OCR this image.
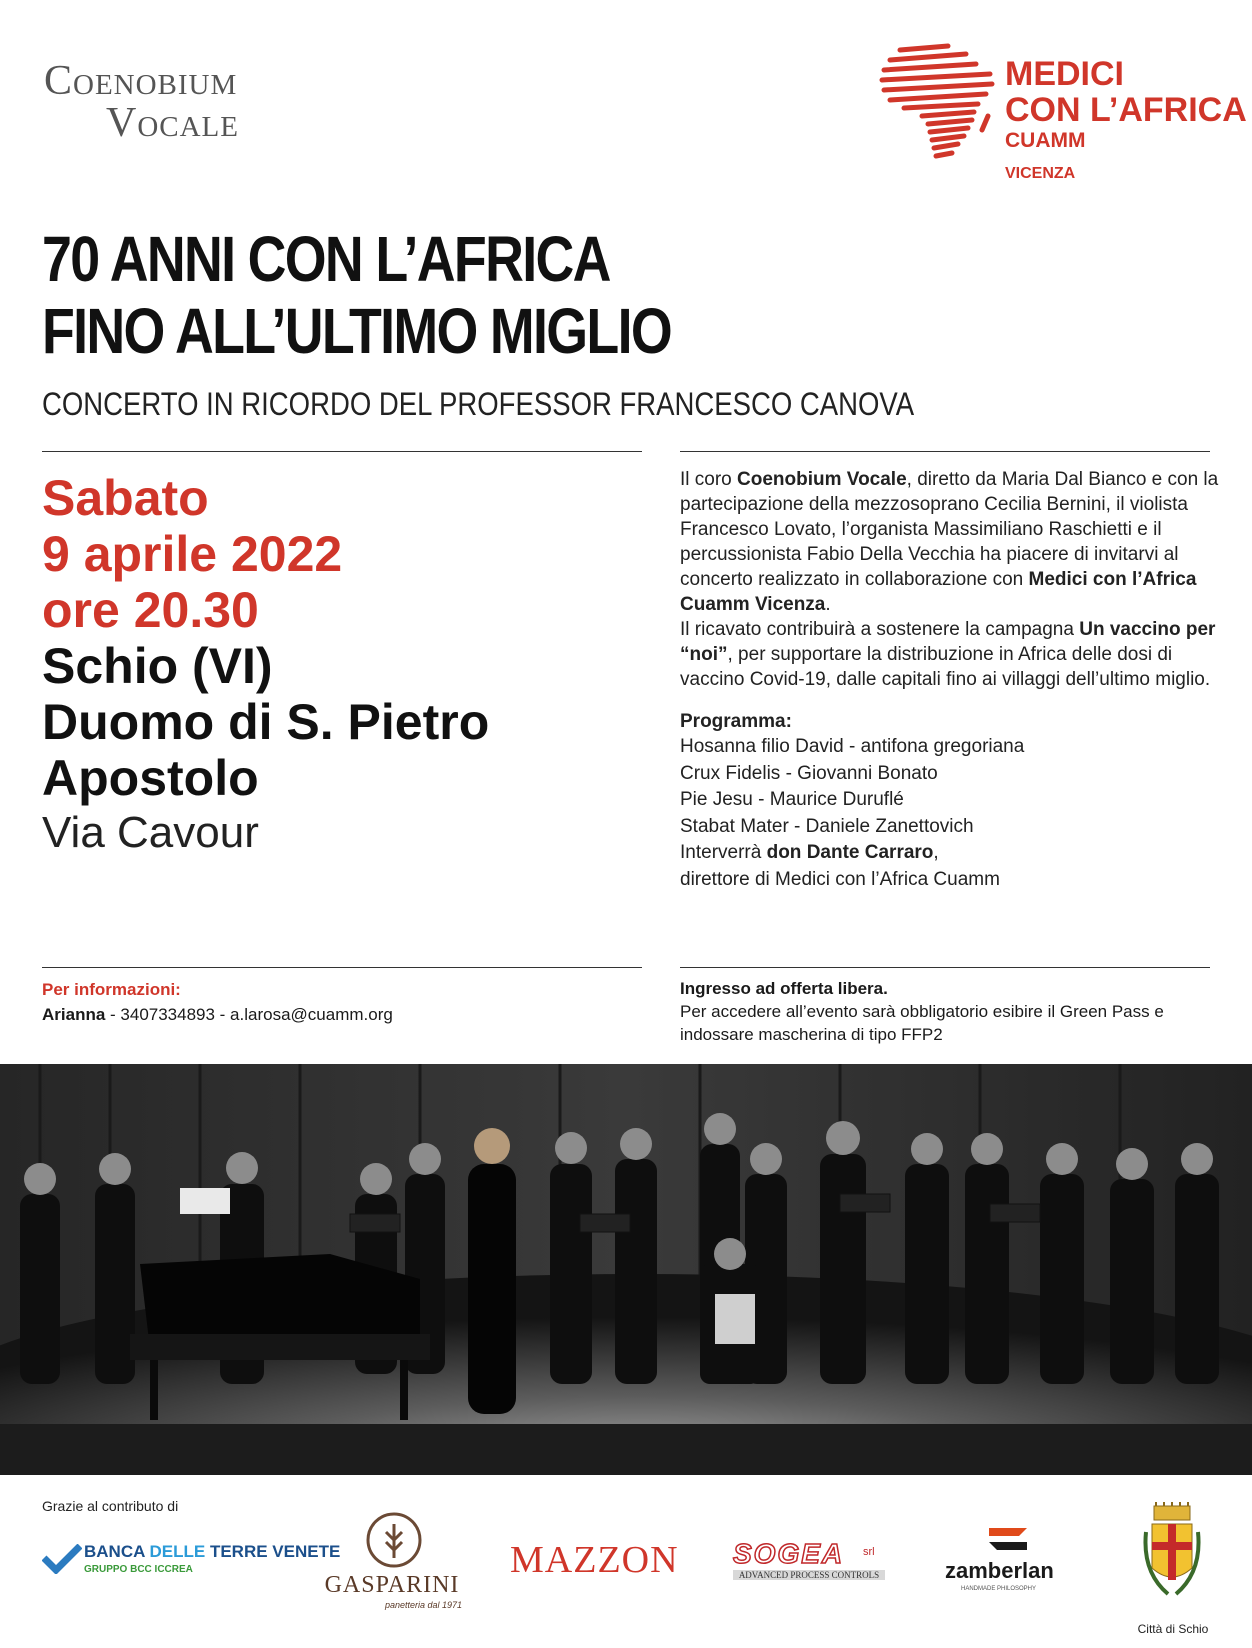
Coenobium
Vocale
MEDICI
CON L’AFRICA
CUAMM
VICENZA
70 ANNI CON L’AFRICA
FINO ALL’ULTIMO MIGLIO
CONCERTO IN RICORDO DEL PROFESSOR FRANCESCO CANOVA
Sabato
9 aprile 2022
ore 20.30
Schio (VI)
Duomo di S. Pietro
Apostolo
Via Cavour

Il coro Coenobium Vocale, diretto da Maria Dal Bianco e con la partecipazione della mezzosoprano Cecilia Bernini, il violista Francesco Lovato, l’organista Massimiliano Raschietti e il percussionista Fabio Della Vecchia ha piacere di invitarvi al concerto realizzato in collaborazione con Medici con l’Africa Cuamm Vicenza.

Il ricavato contribuirà a sostenere la campagna Un vaccino per “noi”, per supportare la distribuzione in Africa delle dosi di vaccino Covid-19, dalle capitali fino ai villaggi dell’ultimo miglio.

Programma:

Hosanna filio David - antifona gregoriana
Crux Fidelis - Giovanni Bonato
Pie Jesu - Maurice Duruflé
Stabat Mater - Daniele Zanettovich
Interverrà don Dante Carraro,
direttore di Medici con l’Africa Cuamm
Per informazioni:
Arianna - 3407334893 - a.larosa@cuamm.org
Ingresso ad offerta libera.
Per accedere all’evento sarà obbligatorio esibire il Green Pass e indossare mascherina di tipo FFP2
Grazie al contributo di
BANCA DELLE TERRE VENETE
GRUPPO BCC ICCREA
GASPARINI
panetteria dal 1971
MAZZON SOGEA srl
ADVANCED PROCESS CONTROLS	zamberlan
HANDMADE PHILOSOPHY
Città di Schio
